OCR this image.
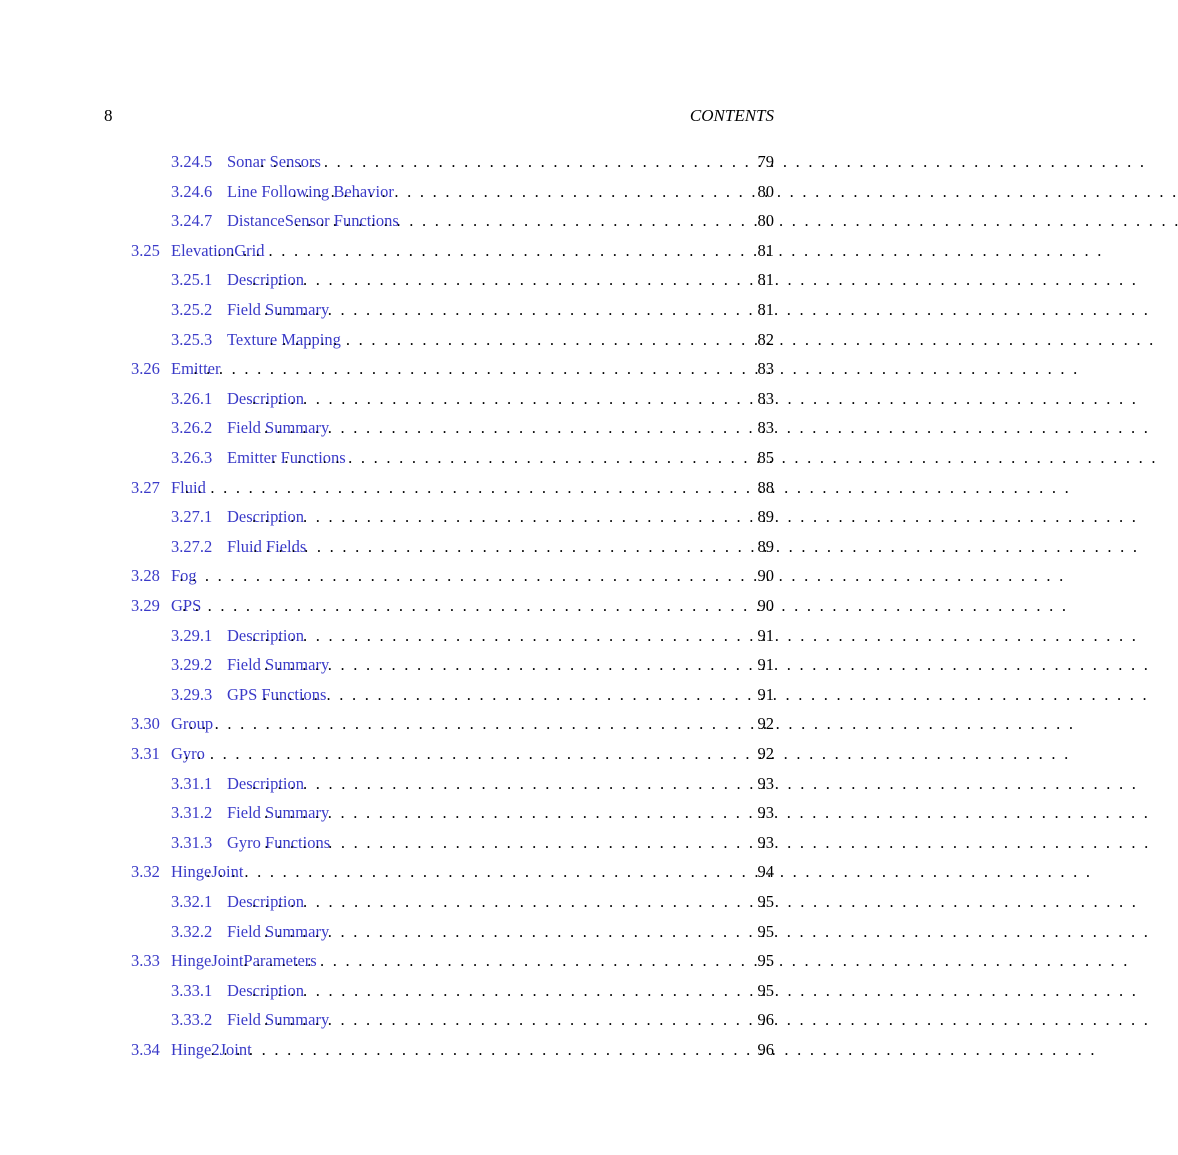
8	CONTENTS
3.24.5 Sonar Sensors . . .	79
3.24.6 Line Following Behavior . . .	80
3.24.7 DistanceSensor Functions . . .	80
3.25 ElevationGrid . . .	81
3.25.1 Description . . .	81
3.25.2 Field Summary . . .	81
3.25.3 Texture Mapping . . .	82
3.26 Emitter . . .	83
3.26.1 Description . . .	83
3.26.2 Field Summary . . .	83
3.26.3 Emitter Functions . . .	85
3.27 Fluid . . .	88
3.27.1 Description . . .	89
3.27.2 Fluid Fields . . .	89
3.28 Fog . . .	90
3.29 GPS . . .	90
3.29.1 Description . . .	91
3.29.2 Field Summary . . .	91
3.29.3 GPS Functions . . .	91
3.30 Group . . .	92
3.31 Gyro . . .	92
3.31.1 Description . . .	93
3.31.2 Field Summary . . .	93
3.31.3 Gyro Functions . . .	93
3.32 HingeJoint . . .	94
3.32.1 Description . . .	95
3.32.2 Field Summary . . .	95
3.33 HingeJointParameters . . .	95
3.33.1 Description . . .	95
3.33.2 Field Summary . . .	96
3.34 Hinge2Joint . . .	96
